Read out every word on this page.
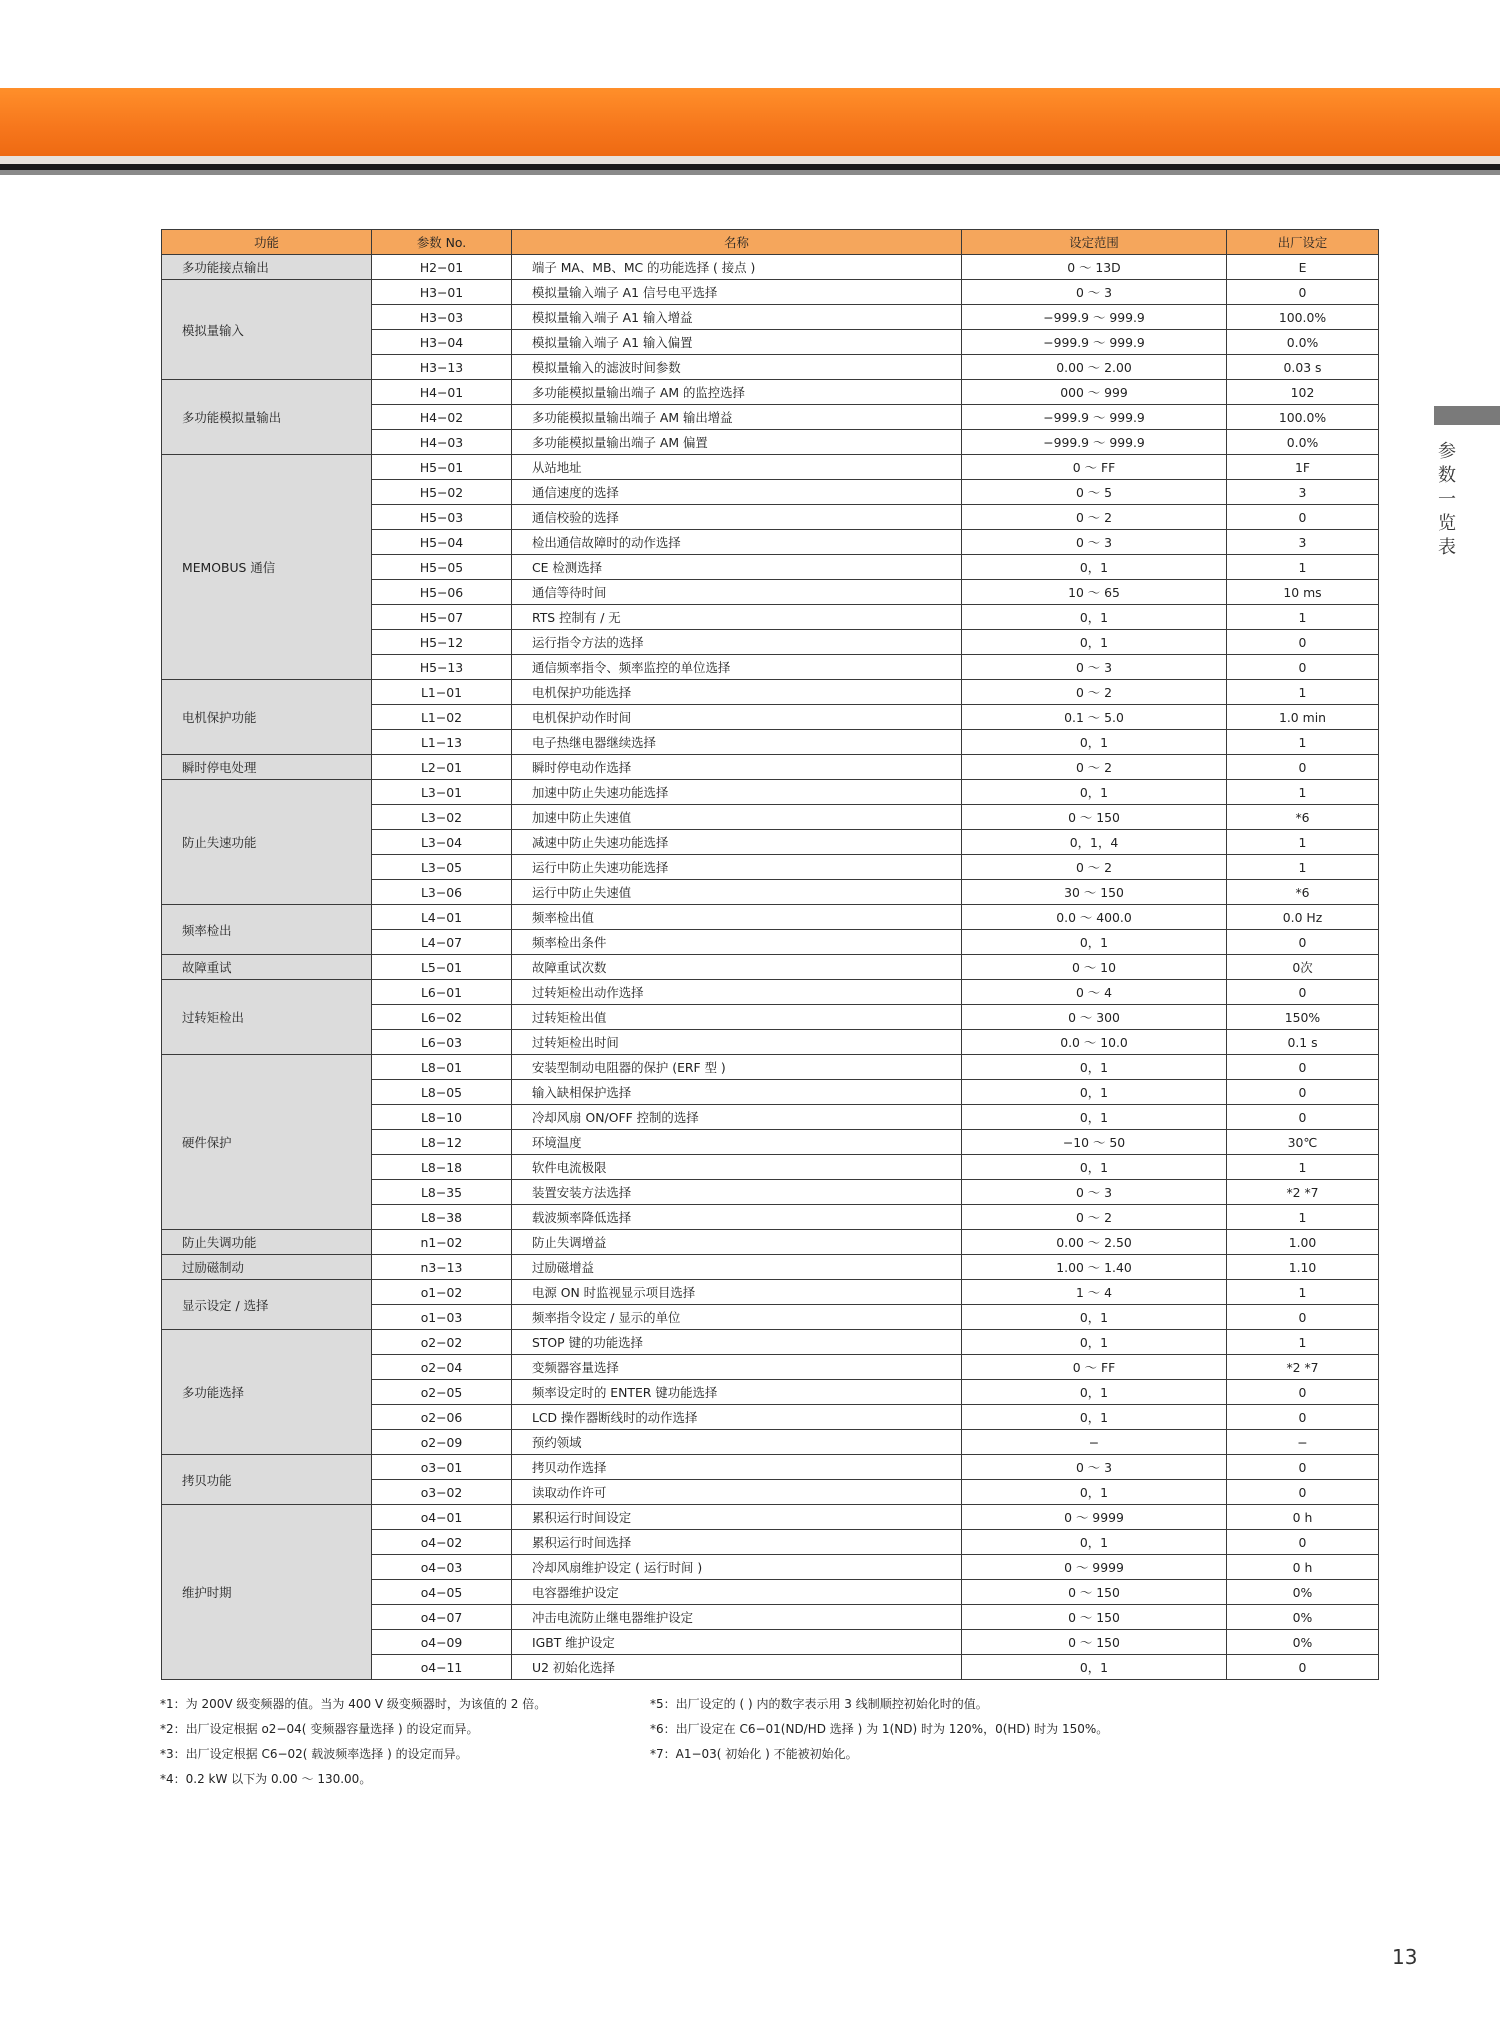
参数一览表
功能	参数 No.	名称	设定范围	出厂设定
多功能接点输出	H2−01	端子 MA、MB、MC 的功能选择 ( 接点 )	0 ～ 13D	E
模拟量输入	H3−01	模拟量输入端子 A1 信号电平选择	0 ～ 3	0
	H3−03	模拟量输入端子 A1 输入增益	−999.9 ～ 999.9	100.0%
	H3−04	模拟量输入端子 A1 输入偏置	−999.9 ～ 999.9	0.0%
	H3−13	模拟量输入的滤波时间参数	0.00 ～ 2.00	0.03 s
多功能模拟量输出	H4−01	多功能模拟量输出端子 AM 的监控选择	000 ～ 999	102
	H4−02	多功能模拟量输出端子 AM 输出增益	−999.9 ～ 999.9	100.0%
	H4−03	多功能模拟量输出端子 AM 偏置	−999.9 ～ 999.9	0.0%
MEMOBUS 通信	H5−01	从站地址	0 ～ FF	1F
	H5−02	通信速度的选择	0 ～ 5	3
	H5−03	通信校验的选择	0 ～ 2	0
	H5−04	检出通信故障时的动作选择	0 ～ 3	3
	H5−05	CE 检测选择	0，1	1
	H5−06	通信等待时间	10 ～ 65	10 ms
	H5−07	RTS 控制有 / 无	0，1	1
	H5−12	运行指令方法的选择	0，1	0
	H5−13	通信频率指令、频率监控的单位选择	0 ～ 3	0
电机保护功能	L1−01	电机保护功能选择	0 ～ 2	1
	L1−02	电机保护动作时间	0.1 ～ 5.0	1.0 min
	L1−13	电子热继电器继续选择	0，1	1
瞬时停电处理	L2−01	瞬时停电动作选择	0 ～ 2	0
防止失速功能	L3−01	加速中防止失速功能选择	0，1	1
	L3−02	加速中防止失速值	0 ～ 150	*6
	L3−04	减速中防止失速功能选择	0，1，4	1
	L3−05	运行中防止失速功能选择	0 ～ 2	1
	L3−06	运行中防止失速值	30 ～ 150	*6
频率检出	L4−01	频率检出值	0.0 ～ 400.0	0.0 Hz
	L4−07	频率检出条件	0，1	0
故障重试	L5−01	故障重试次数	0 ～ 10	0次
过转矩检出	L6−01	过转矩检出动作选择	0 ～ 4	0
	L6−02	过转矩检出值	0 ～ 300	150%
	L6−03	过转矩检出时间	0.0 ～ 10.0	0.1 s
硬件保护	L8−01	安装型制动电阻器的保护 (ERF 型 )	0，1	0
	L8−05	输入缺相保护选择	0，1	0
	L8−10	冷却风扇 ON/OFF 控制的选择	0，1	0
	L8−12	环境温度	−10 ～ 50	30℃
	L8−18	软件电流极限	0，1	1
	L8−35	装置安装方法选择	0 ～ 3	*2 *7
	L8−38	载波频率降低选择	0 ～ 2	1
防止失调功能	n1−02	防止失调增益	0.00 ～ 2.50	1.00
过励磁制动	n3−13	过励磁增益	1.00 ～ 1.40	1.10
显示设定 / 选择	o1−02	电源 ON 时监视显示项目选择	1 ～ 4	1
	o1−03	频率指令设定 / 显示的单位	0，1	0
多功能选择	o2−02	STOP 键的功能选择	0，1	1
	o2−04	变频器容量选择	0 ～ FF	*2 *7
	o2−05	频率设定时的 ENTER 键功能选择	0，1	0
	o2−06	LCD 操作器断线时的动作选择	0，1	0
	o2−09	预约领域	−	−
拷贝功能	o3−01	拷贝动作选择	0 ～ 3	0
	o3−02	读取动作许可	0，1	0
维护时期	o4−01	累积运行时间设定	0 ～ 9999	0 h
	o4−02	累积运行时间选择	0，1	0
	o4−03	冷却风扇维护设定 ( 运行时间 )	0 ～ 9999	0 h
	o4−05	电容器维护设定	0 ～ 150	0%
	o4−07	冲击电流防止继电器维护设定	0 ～ 150	0%
	o4−09	IGBT 维护设定	0 ～ 150	0%
	o4−11	U2 初始化选择	0，1	0
*1：为 200V 级变频器的值。当为 400 V 级变频器时，为该值的 2 倍。
*2：出厂设定根据 o2−04( 变频器容量选择 ) 的设定而异。
*3：出厂设定根据 C6−02( 载波频率选择 ) 的设定而异。
*4：0.2 kW 以下为 0.00 ～ 130.00。
*5：出厂设定的 ( ) 内的数字表示用 3 线制顺控初始化时的值。
*6：出厂设定在 C6−01(ND/HD 选择 ) 为 1(ND) 时为 120%，0(HD) 时为 150%。
*7：A1−03( 初始化 ) 不能被初始化。
13
